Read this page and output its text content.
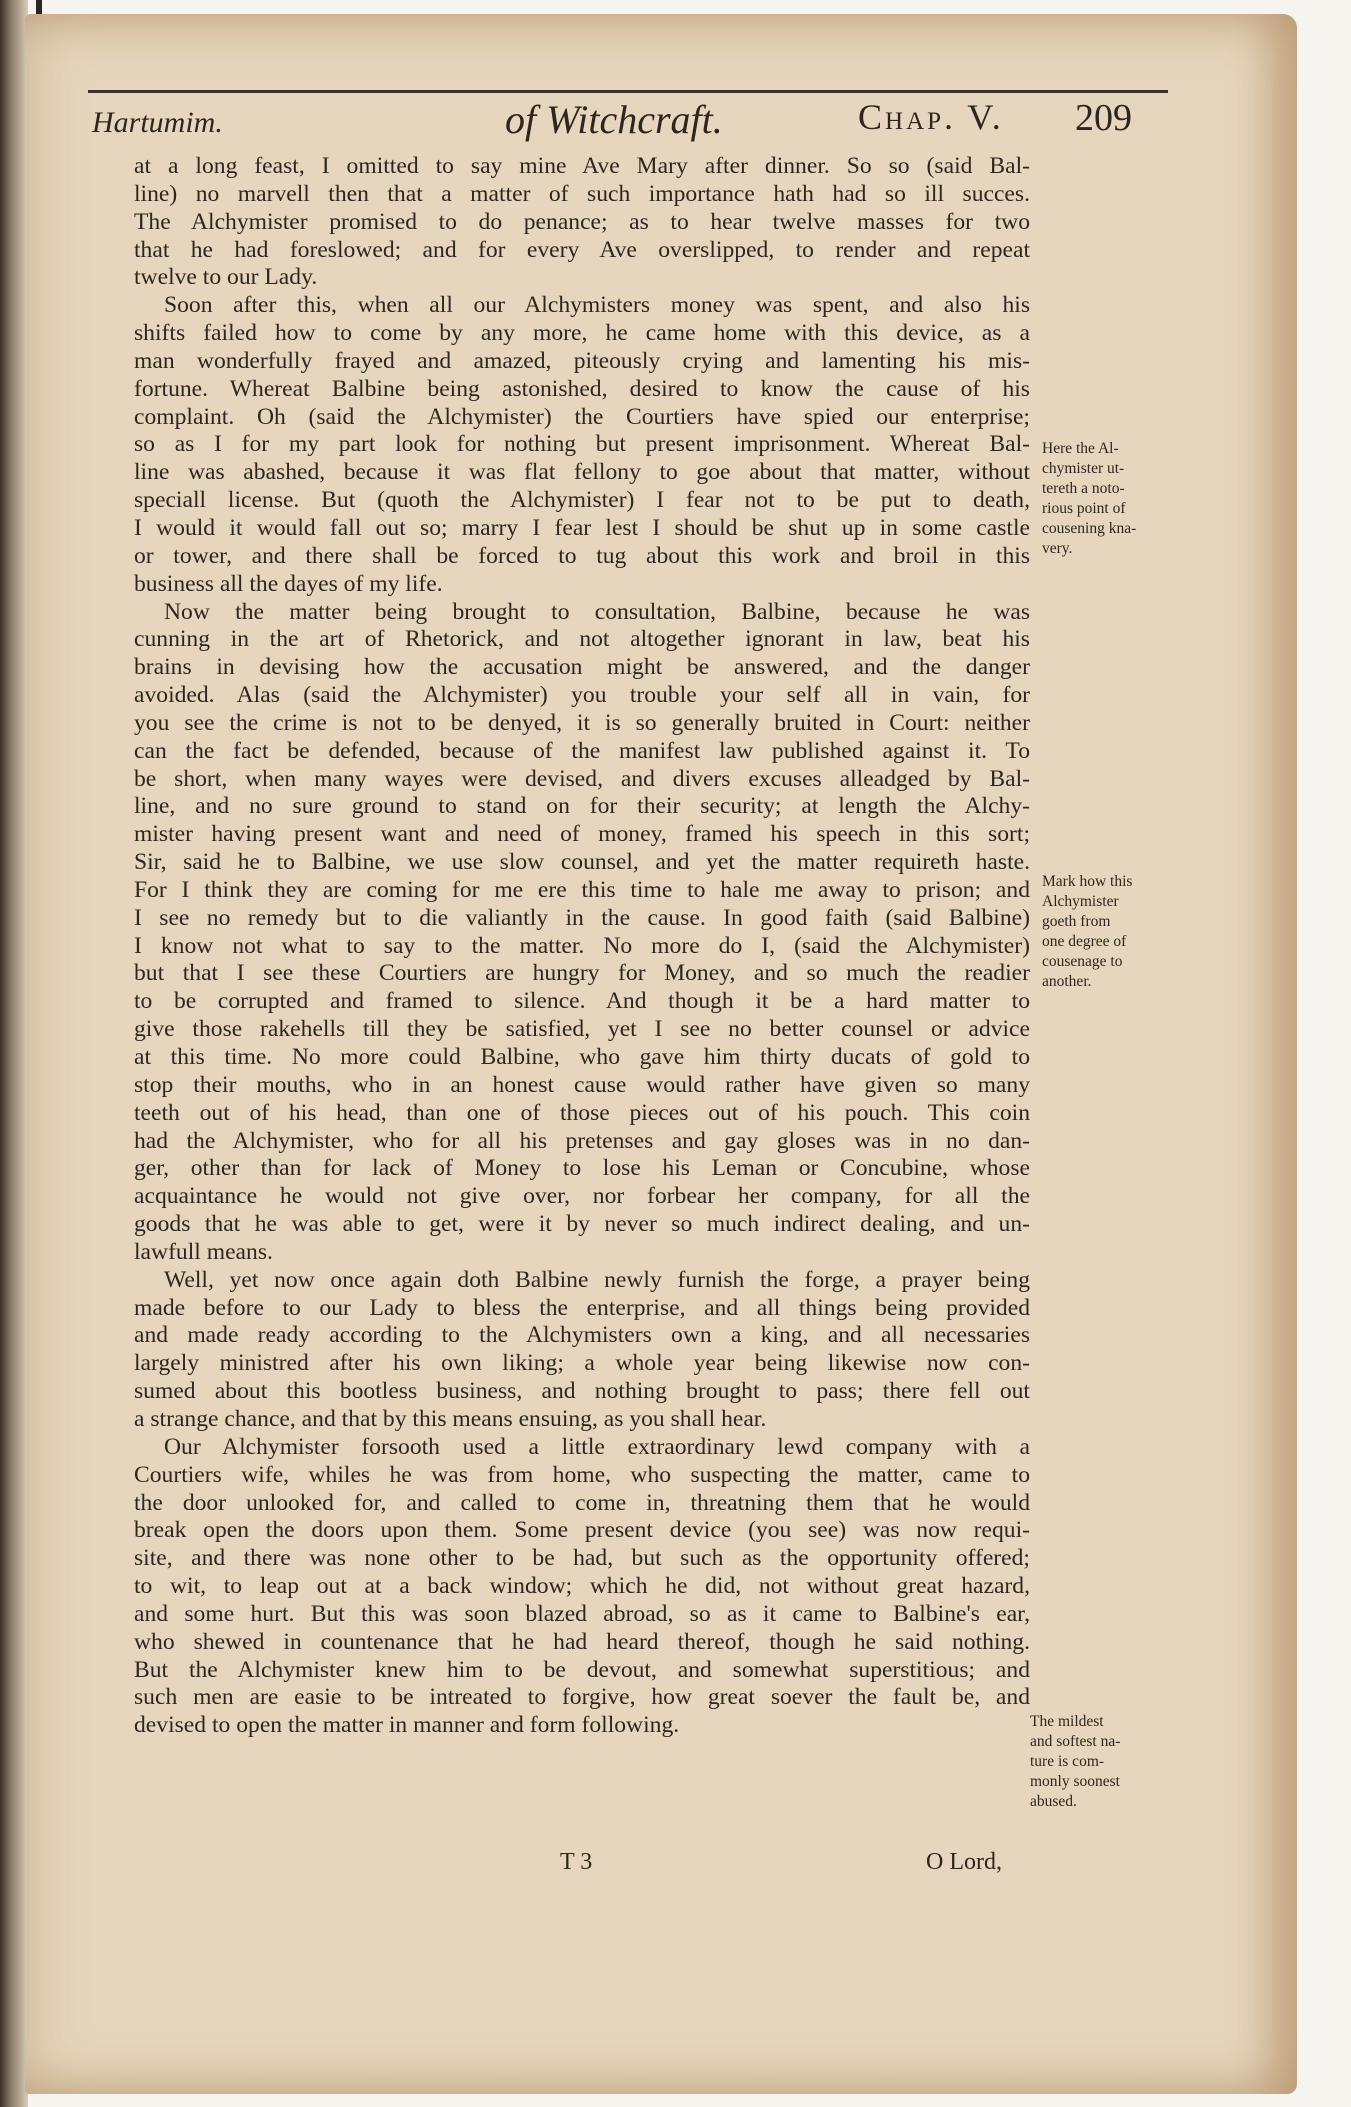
Hartumim.	of Witchcraft.	Chap. V. 209
at a long feast, I omitted to say mine Ave Mary after dinner. So so (said Bal-
line) no marvell then that a matter of such importance hath had so ill succes.
The Alchymister promised to do penance; as to hear twelve masses for two
that he had foreslowed; and for every Ave overslipped, to render and repeat
twelve to our Lady.
Soon after this, when all our Alchymisters money was spent, and also his
shifts failed how to come by any more, he came home with this device, as a
man wonderfully frayed and amazed, piteously crying and lamenting his mis-
fortune. Whereat Balbine being astonished, desired to know the cause of his
complaint. Oh (said the Alchymister) the Courtiers have spied our enterprise;
so as I for my part look for nothing but present imprisonment. Whereat Bal-
line was abashed, because it was flat fellony to goe about that matter, without
speciall license. But (quoth the Alchymister) I fear not to be put to death,
I would it would fall out so; marry I fear lest I should be shut up in some castle
or tower, and there shall be forced to tug about this work and broil in this
business all the dayes of my life.
Now the matter being brought to consultation, Balbine, because he was
cunning in the art of Rhetorick, and not altogether ignorant in law, beat his
brains in devising how the accusation might be answered, and the danger
avoided. Alas (said the Alchymister) you trouble your self all in vain, for
you see the crime is not to be denyed, it is so generally bruited in Court: neither
can the fact be defended, because of the manifest law published against it. To
be short, when many wayes were devised, and divers excuses alleadged by Bal-
line, and no sure ground to stand on for their security; at length the Alchy-
mister having present want and need of money, framed his speech in this sort;
Sir, said he to Balbine, we use slow counsel, and yet the matter requireth haste.
For I think they are coming for me ere this time to hale me away to prison; and
I see no remedy but to die valiantly in the cause. In good faith (said Balbine)
I know not what to say to the matter. No more do I, (said the Alchymister)
but that I see these Courtiers are hungry for Money, and so much the readier
to be corrupted and framed to silence. And though it be a hard matter to
give those rakehells till they be satisfied, yet I see no better counsel or advice
at this time. No more could Balbine, who gave him thirty ducats of gold to
stop their mouths, who in an honest cause would rather have given so many
teeth out of his head, than one of those pieces out of his pouch. This coin
had the Alchymister, who for all his pretenses and gay gloses was in no dan-
ger, other than for lack of Money to lose his Leman or Concubine, whose
acquaintance he would not give over, nor forbear her company, for all the
goods that he was able to get, were it by never so much indirect dealing, and un-
lawfull means.
Well, yet now once again doth Balbine newly furnish the forge, a prayer being
made before to our Lady to bless the enterprise, and all things being provided
and made ready according to the Alchymisters own a king, and all necessaries
largely ministred after his own liking; a whole year being likewise now con-
sumed about this bootless business, and nothing brought to pass; there fell out
a strange chance, and that by this means ensuing, as you shall hear.
Our Alchymister forsooth used a little extraordinary lewd company with a
Courtiers wife, whiles he was from home, who suspecting the matter, came to
the door unlooked for, and called to come in, threatning them that he would
break open the doors upon them. Some present device (you see) was now requi-
site, and there was none other to be had, but such as the opportunity offered;
to wit, to leap out at a back window; which he did, not without great hazard,
and some hurt. But this was soon blazed abroad, so as it came to Balbine's ear,
who shewed in countenance that he had heard thereof, though he said nothing.
But the Alchymister knew him to be devout, and somewhat superstitious; and
such men are easie to be intreated to forgive, how great soever the fault be, and
devised to open the matter in manner and form following.
Here the Al-
chymister ut-
tereth a noto-
rious point of
cousening kna-
very.
Mark how this
Alchymister
goeth from
one degree of
cousenage to
another.
The mildest
and softest na-
ture is com-
monly soonest
abused.
T 3	O Lord,
